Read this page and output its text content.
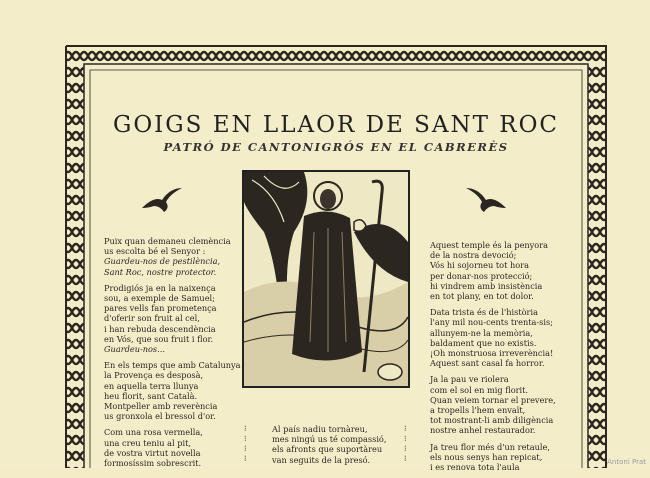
GOIGS EN LLAOR DE SANT ROC
PATRÓ DE CANTONIGRÓS EN EL CABRERÈS

Puix quan demaneu clemència
us escolta bé el Senyor :
Guardeu-nos de pestilència,
Sant Roc, nostre protector.

Prodigiós ja en la naixença
sou, a exemple de Samuel;
pares vells fan prometença
d'oferir son fruit al cel,
i han rebuda descendència
en Vós, que sou fruit i flor.
Guardeu-nos...

En els temps que amb Catalunya
la Provença es desposà,
en aquella terra llunya
heu florit, sant Català.
Montpeller amb reverència
us gronxola el bressol d'or.

Com una rosa vermella,
una creu teniu al pit,
de vostra virtut novella
formosíssim sobrescrit.

Al país nadiu tornàreu,
mes ningú us té compassió,
els afronts que suportàreu
van seguits de la presó.

⁝
⁝
⁝
⁝
⁝
⁝
⁝
⁝

Aquest temple és la penyora
de la nostra devoció;
Vós hi sojorneu tot hora
per donar-nos protecció;
hi vindrem amb insistència
en tot plany, en tot dolor.

Data trista és de l'història
l'any mil nou-cents trenta-sis;
allunyem-ne la memòria,
baldament que no existis.
¡Oh monstruosa irreverència!
Aquest sant casal fa horror.

Ja la pau ve riolera
com el sol en mig florit.
Quan veiem tornar el prevere,
a tropells l'hem envaït,
tot mostrant-li amb diligència
nostre anhel restaurador.

Ja treu flor més d'un retaule,
els nous senys han repicat,
i es renova tota l'aula

Antoni Prat
